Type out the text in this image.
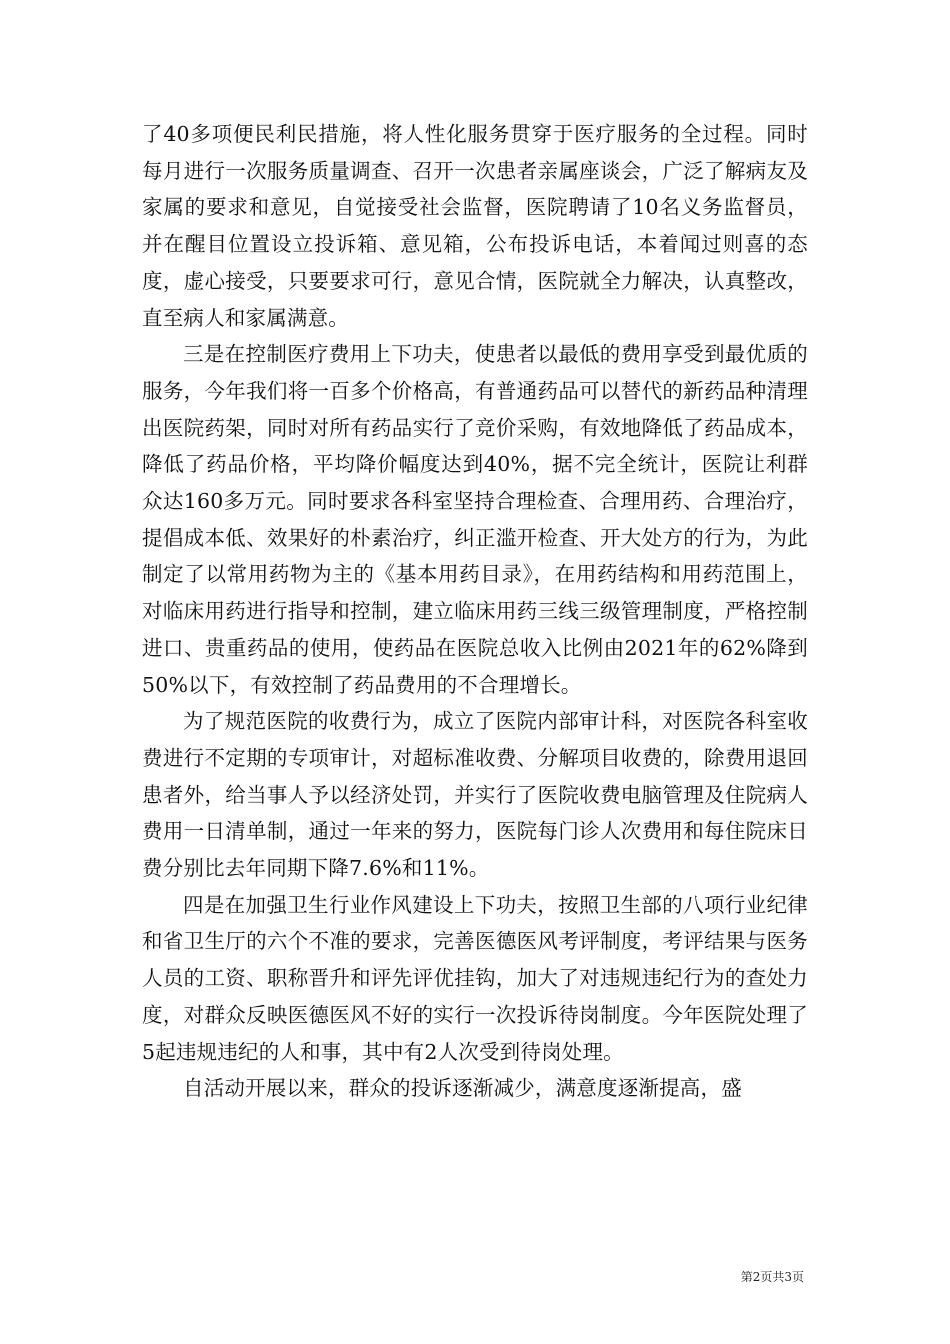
了40多项便民利民措施，将人性化服务贯穿于医疗服务的全过程。同时每月进行一次服务质量调查、召开一次患者亲属座谈会，广泛了解病友及家属的要求和意见，自觉接受社会监督，医院聘请了10名义务监督员，并在醒目位置设立投诉箱、意见箱，公布投诉电话，本着闻过则喜的态度，虚心接受，只要要求可行，意见合情，医院就全力解决，认真整改，直至病人和家属满意。

三是在控制医疗费用上下功夫，使患者以最低的费用享受到最优质的服务，今年我们将一百多个价格高，有普通药品可以替代的新药品种清理出医院药架，同时对所有药品实行了竞价采购，有效地降低了药品成本，降低了药品价格，平均降价幅度达到40%，据不完全统计，医院让利群众达160多万元。同时要求各科室坚持合理检查、合理用药、合理治疗，提倡成本低、效果好的朴素治疗，纠正滥开检查、开大处方的行为，为此制定了以常用药物为主的《基本用药目录》，在用药结构和用药范围上，对临床用药进行指导和控制，建立临床用药三线三级管理制度，严格控制进口、贵重药品的使用，使药品在医院总收入比例由2021年的62%降到50%以下，有效控制了药品费用的不合理增长。

为了规范医院的收费行为，成立了医院内部审计科，对医院各科室收费进行不定期的专项审计，对超标准收费、分解项目收费的，除费用退回患者外，给当事人予以经济处罚，并实行了医院收费电脑管理及住院病人费用一日清单制，通过一年来的努力，医院每门诊人次费用和每住院床日费分别比去年同期下降7.6%和11%。

四是在加强卫生行业作风建设上下功夫，按照卫生部的八项行业纪律和省卫生厅的六个不准的要求，完善医德医风考评制度，考评结果与医务人员的工资、职称晋升和评先评优挂钩，加大了对违规违纪行为的查处力度，对群众反映医德医风不好的实行一次投诉待岗制度。今年医院处理了5起违规违纪的人和事，其中有2人次受到待岗处理。

自活动开展以来，群众的投诉逐渐减少，满意度逐渐提高，盛

第2页共3页
